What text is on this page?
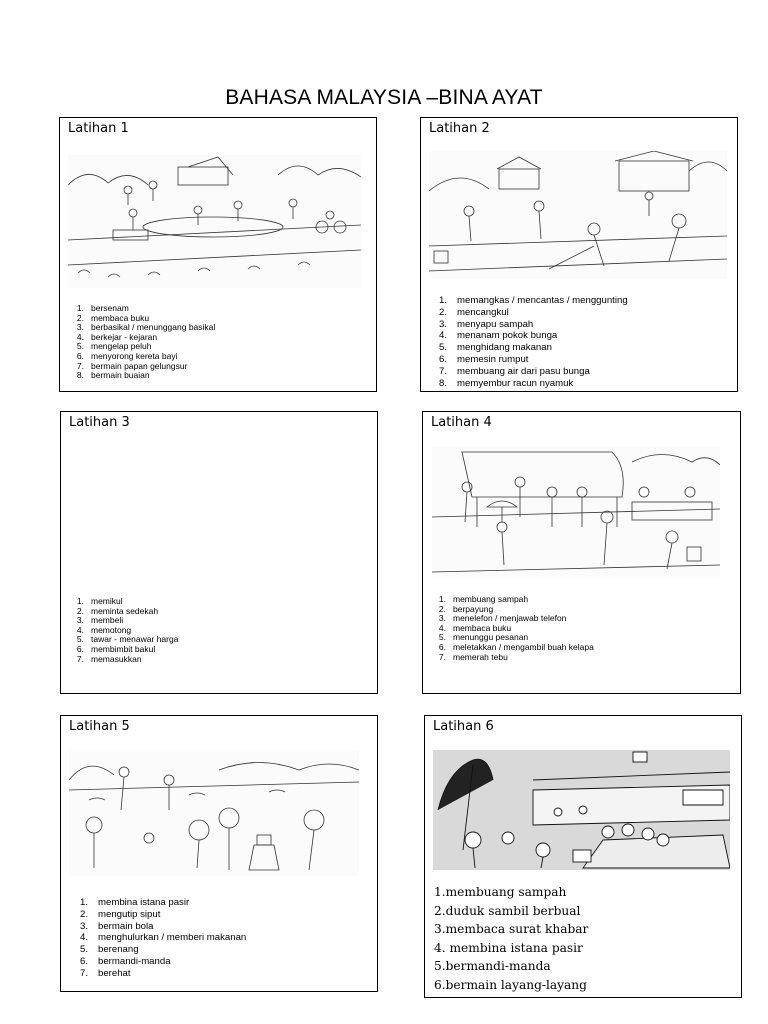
BAHASA MALAYSIA –BINA AYAT
Latihan 1
1. bersenam
2. membaca buku
3. berbasikal / menunggang basikal
4. berkejar - kejaran
5. mengelap peluh
6. menyorong kereta bayi
7. bermain papan gelungsur
8. bermain buaian
Latihan 2
1. memangkas / mencantas / menggunting
2. mencangkul
3. menyapu sampah
4. menanam pokok bunga
5. menghidang makanan
6. memesin rumput
7. membuang air dari pasu bunga
8. memyembur racun nyamuk
Latihan 3
1. memikul
2. meminta sedekah
3. membeli
4. memotong
5. tawar - menawar harga
6. membimbit bakul
7. memasukkan
Latihan 4
1. membuang sampah
2. berpayung
3. menelefon / menjawab telefon
4. membaca buku
5. menunggu pesanan
6. meletakkan / mengambil buah kelapa
7. memerah tebu
Latihan 5
1. membina istana pasir
2. mengutip siput
3. bermain bola
4. menghulurkan / memberi makanan
5. berenang
6. bermandi-manda
7. berehat
Latihan 6
1.membuang sampah
2.duduk sambil berbual
3.membaca surat khabar
4. membina istana pasir
5.bermandi-manda
6.bermain layang-layang
